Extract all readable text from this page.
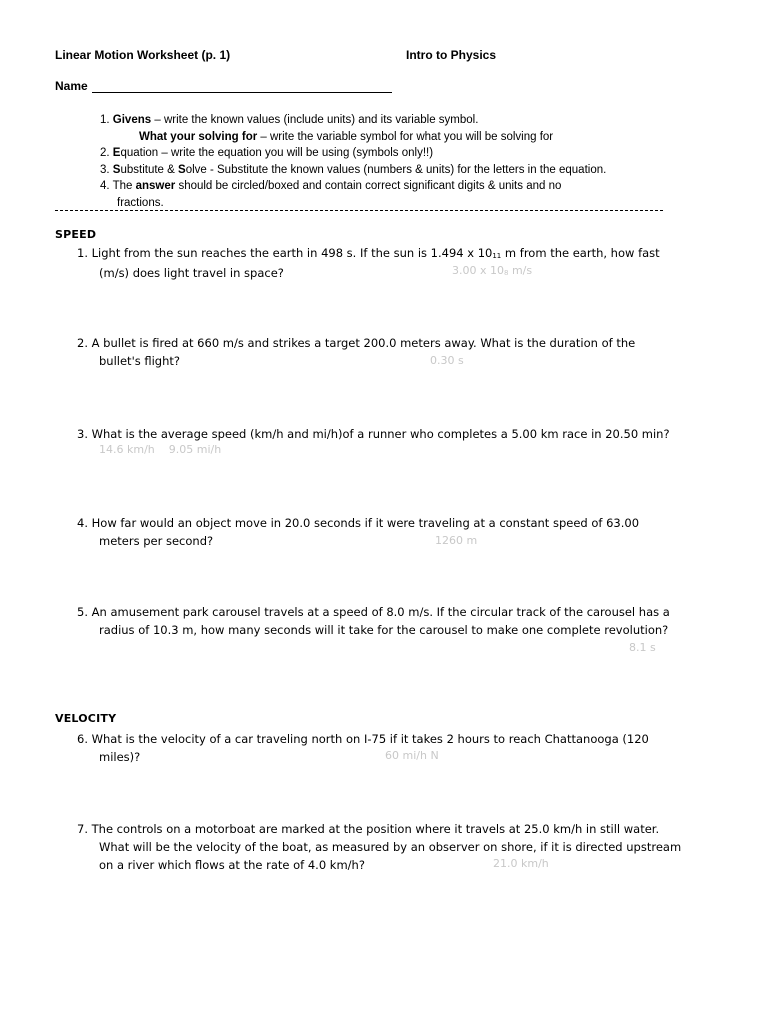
Linear Motion Worksheet (p. 1)	Intro to Physics
Name
1. Givens – write the known values (include units) and its variable symbol.
What your solving for – write the variable symbol for what you will be solving for
2. Equation – write the equation you will be using (symbols only!!)
3. Substitute & Solve - Substitute the known values (numbers & units) for the letters in the equation.
4. The answer should be circled/boxed and contain correct significant digits & units and no
fractions.
SPEED
1. Light from the sun reaches the earth in 498 s. If the sun is 1.494 x $10_{11}$ m from the earth, how fast
(m/s) does light travel in space?	3.00 x $10_8$ m/s
2. A bullet is fired at 660 m/s and strikes a target 200.0 meters away. What is the duration of the
bullet's flight?	0.30 s
3. What is the average speed (km/h and mi/h)of a runner who completes a 5.00 km race in 20.50 min?
14.6 km/h    9.05 mi/h
4. How far would an object move in 20.0 seconds if it were traveling at a constant speed of 63.00
meters per second?	1260 m
5. An amusement park carousel travels at a speed of 8.0 m/s. If the circular track of the carousel has a
radius of 10.3 m, how many seconds will it take for the carousel to make one complete revolution?
8.1 s
VELOCITY
6. What is the velocity of a car traveling north on I-75 if it takes 2 hours to reach Chattanooga (120
miles)?	60 mi/h N
7. The controls on a motorboat are marked at the position where it travels at 25.0 km/h in still water.
What will be the velocity of the boat, as measured by an observer on shore, if it is directed upstream
on a river which flows at the rate of 4.0 km/h?	21.0 km/h
